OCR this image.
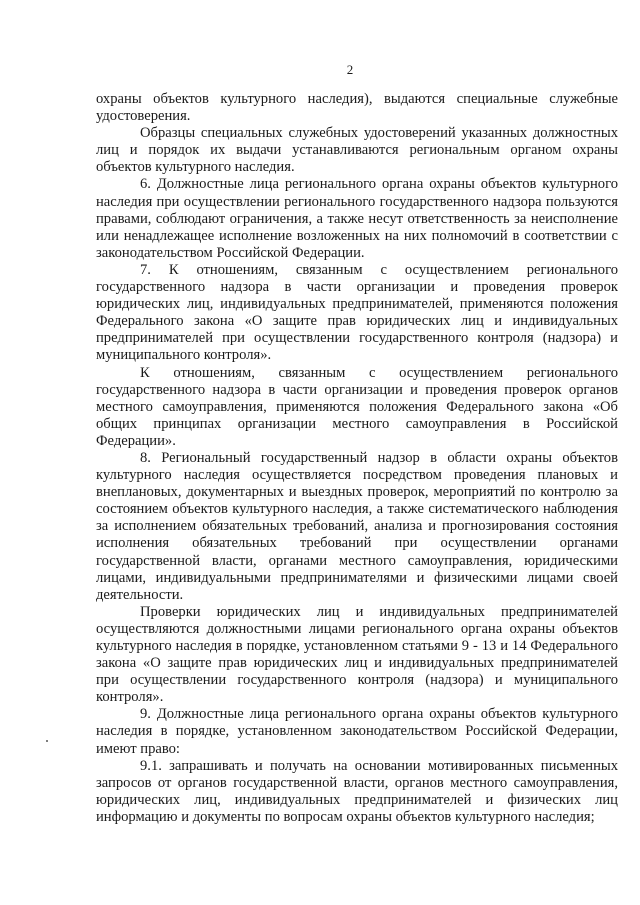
2

охраны объектов культурного наследия), выдаются специальные служебные удостоверения.

Образцы специальных служебных удостоверений указанных должностных лиц и порядок их выдачи устанавливаются региональным органом охраны объектов культурного наследия.

6. Должностные лица регионального органа охраны объектов культурного наследия при осуществлении регионального государственного надзора пользуются правами, соблюдают ограничения, а также несут ответственность за неисполнение или ненадлежащее исполнение возложенных на них полномочий в соответствии с законодательством Российской Федерации.

7. К отношениям, связанным с осуществлением регионального государственного надзора в части организации и проведения проверок юридических лиц, индивидуальных предпринимателей, применяются положения Федерального закона «О защите прав юридических лиц и индивидуальных предпринимателей при осуществлении государственного контроля (надзора) и муниципального контроля».

К отношениям, связанным с осуществлением регионального государственного надзора в части организации и проведения проверок органов местного самоуправления, применяются положения Федерального закона «Об общих принципах организации местного самоуправления в Российской Федерации».

8. Региональный государственный надзор в области охраны объектов культурного наследия осуществляется посредством проведения плановых и внеплановых, документарных и выездных проверок, мероприятий по контролю за состоянием объектов культурного наследия, а также систематического наблюдения за исполнением обязательных требований, анализа и прогнозирования состояния исполнения обязательных требований при осуществлении органами государственной власти, органами местного самоуправления, юридическими лицами, индивидуальными предпринимателями и физическими лицами своей деятельности.

Проверки юридических лиц и индивидуальных предпринимателей осуществляются должностными лицами регионального органа охраны объектов культурного наследия в порядке, установленном статьями 9 - 13 и 14 Федерального закона «О защите прав юридических лиц и индивидуальных предпринимателей при осуществлении государственного контроля (надзора) и муниципального контроля».

9. Должностные лица регионального органа охраны объектов культурного наследия в порядке, установленном законодательством Российской Федерации, имеют право:

9.1. запрашивать и получать на основании мотивированных письменных запросов от органов государственной власти, органов местного самоуправления, юридических лиц, индивидуальных предпринимателей и физических лиц информацию и документы по вопросам охраны объектов культурного наследия;
